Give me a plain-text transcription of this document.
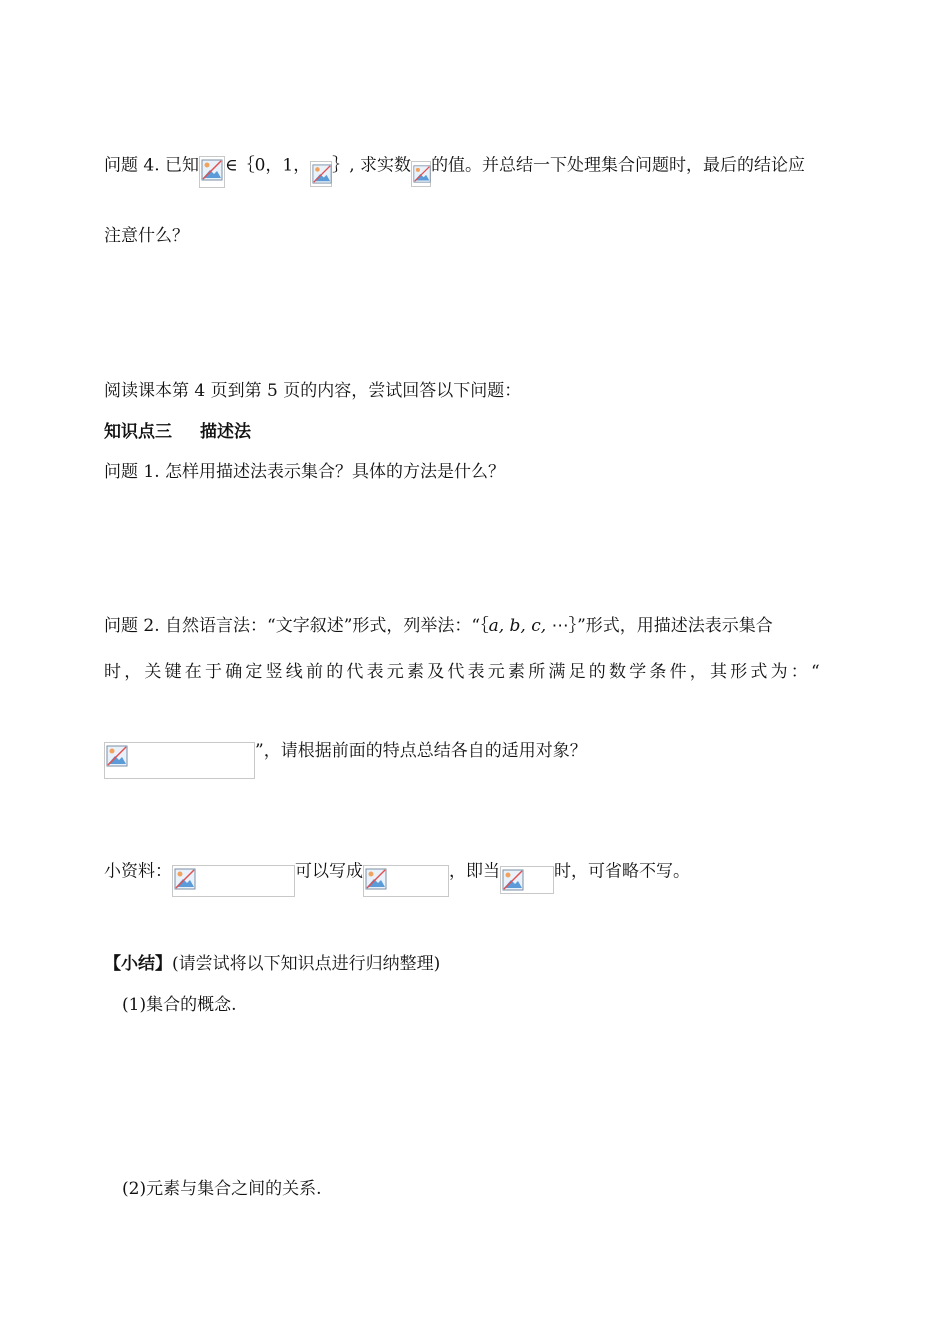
问题 4. 已知 ∈｛0，1， ｝, 求实数 的值。并总结一下处理集合问题时，最后的结论应
注意什么？
阅读课本第 4 页到第 5 页的内容，尝试回答以下问题：
知识点三 描述法
问题 1. 怎样用描述法表示集合？具体的方法是什么？
问题 2. 自然语言法：“文字叙述”形式，列举法：“｛a, b, c, ⋯｝”形式，用描述法表示集合
时，关键在于确定竖线前的代表元素及代表元素所满足的数学条件，其形式为：“
”，请根据前面的特点总结各自的适用对象？
小资料：	可以写成	，即当	时，可省略不写。
【小结】(请尝试将以下知识点进行归纳整理)
(1)集合的概念.
(2)元素与集合之间的关系.
